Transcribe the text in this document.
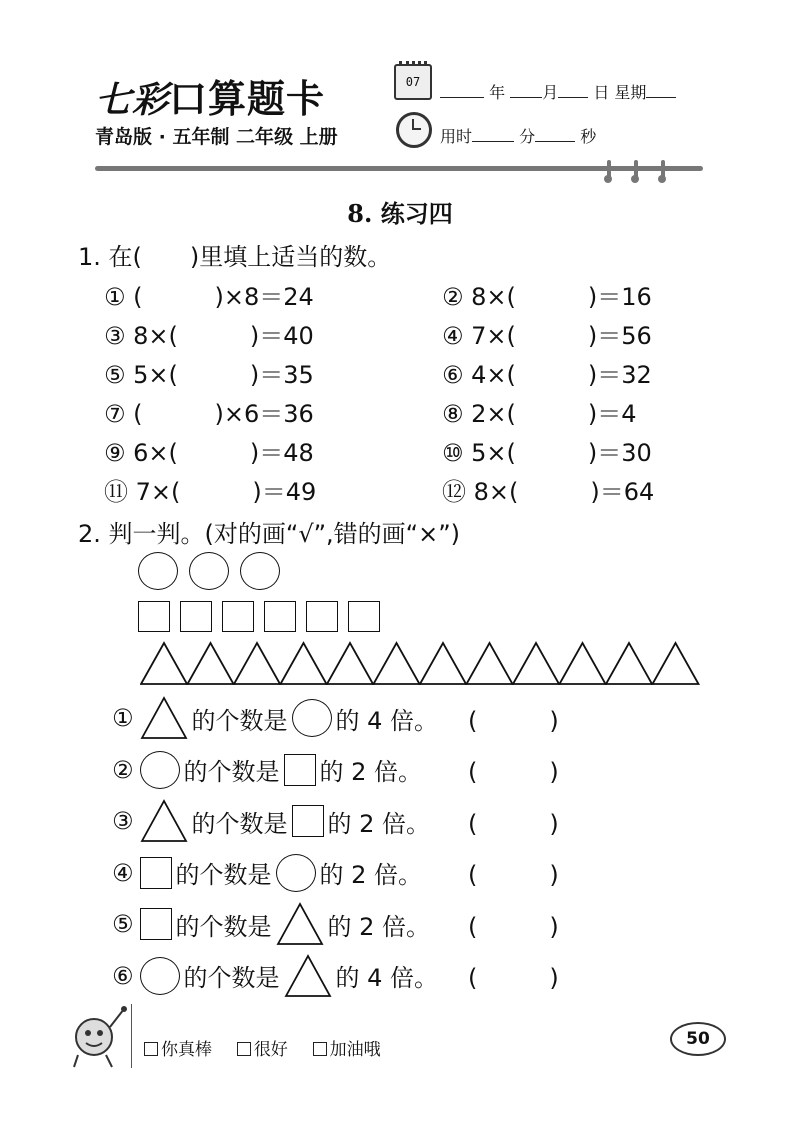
七彩口算题卡
青岛版 · 五年制 二年级 上册
07
年 月 日 星期
用时	分	秒
8. 练习四
1. 在(　　)里填上适当的数。
① (　　　)×8＝24	② 8×(　　　)＝16
③ 8×(　　　)＝40	④ 7×(　　　)＝56
⑤ 5×(　　　)＝35	⑥ 4×(　　　)＝32
⑦ (　　　)×6＝36	⑧ 2×(　　　)＝4
⑨ 6×(　　　)＝48	⑩ 5×(　　　)＝30
⑪ 7×(　　　)＝49	⑫ 8×(　　　)＝64
2. 判一判。(对的画“√”,错的画“×”)
① 的个数是 的 4 倍。 (　　　)
② 的个数是 的 2 倍。 (　　　)
③ 的个数是 的 2 倍。 (　　　)
④ 的个数是 的 2 倍。 (　　　)
⑤ 的个数是 的 2 倍。 (　　　)
⑥ 的个数是 的 4 倍。 (　　　)
你真棒 很好 加油哦
50
